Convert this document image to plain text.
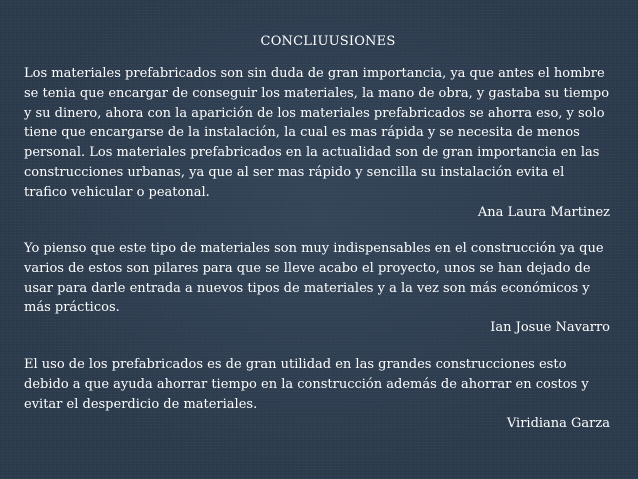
CONCLIUUSIONES

Los materiales prefabricados son sin duda de gran importancia, ya que antes el hombre se tenia que encargar de conseguir los materiales, la mano de obra, y gastaba su tiempo y su dinero, ahora con la aparición de los materiales prefabricados se ahorra eso, y solo tiene que encargarse de la instalación, la cual es mas rápida y se necesita de menos personal. Los materiales prefabricados en la actualidad son de gran importancia en las construcciones urbanas, ya que al ser mas rápido y sencilla su instalación evita el trafico vehicular o peatonal.

Ana Laura Martinez

Yo pienso que este tipo de materiales son muy indispensables en el construcción ya que varios de estos son pilares para que se lleve acabo el proyecto, unos se han dejado de usar para darle entrada a nuevos tipos de materiales y a la vez son más económicos y más prácticos.

Ian Josue Navarro

El uso de los prefabricados es de gran utilidad en las grandes construcciones esto debido a que ayuda ahorrar tiempo en la construcción además de ahorrar en costos y evitar el desperdicio de materiales.

Viridiana Garza
